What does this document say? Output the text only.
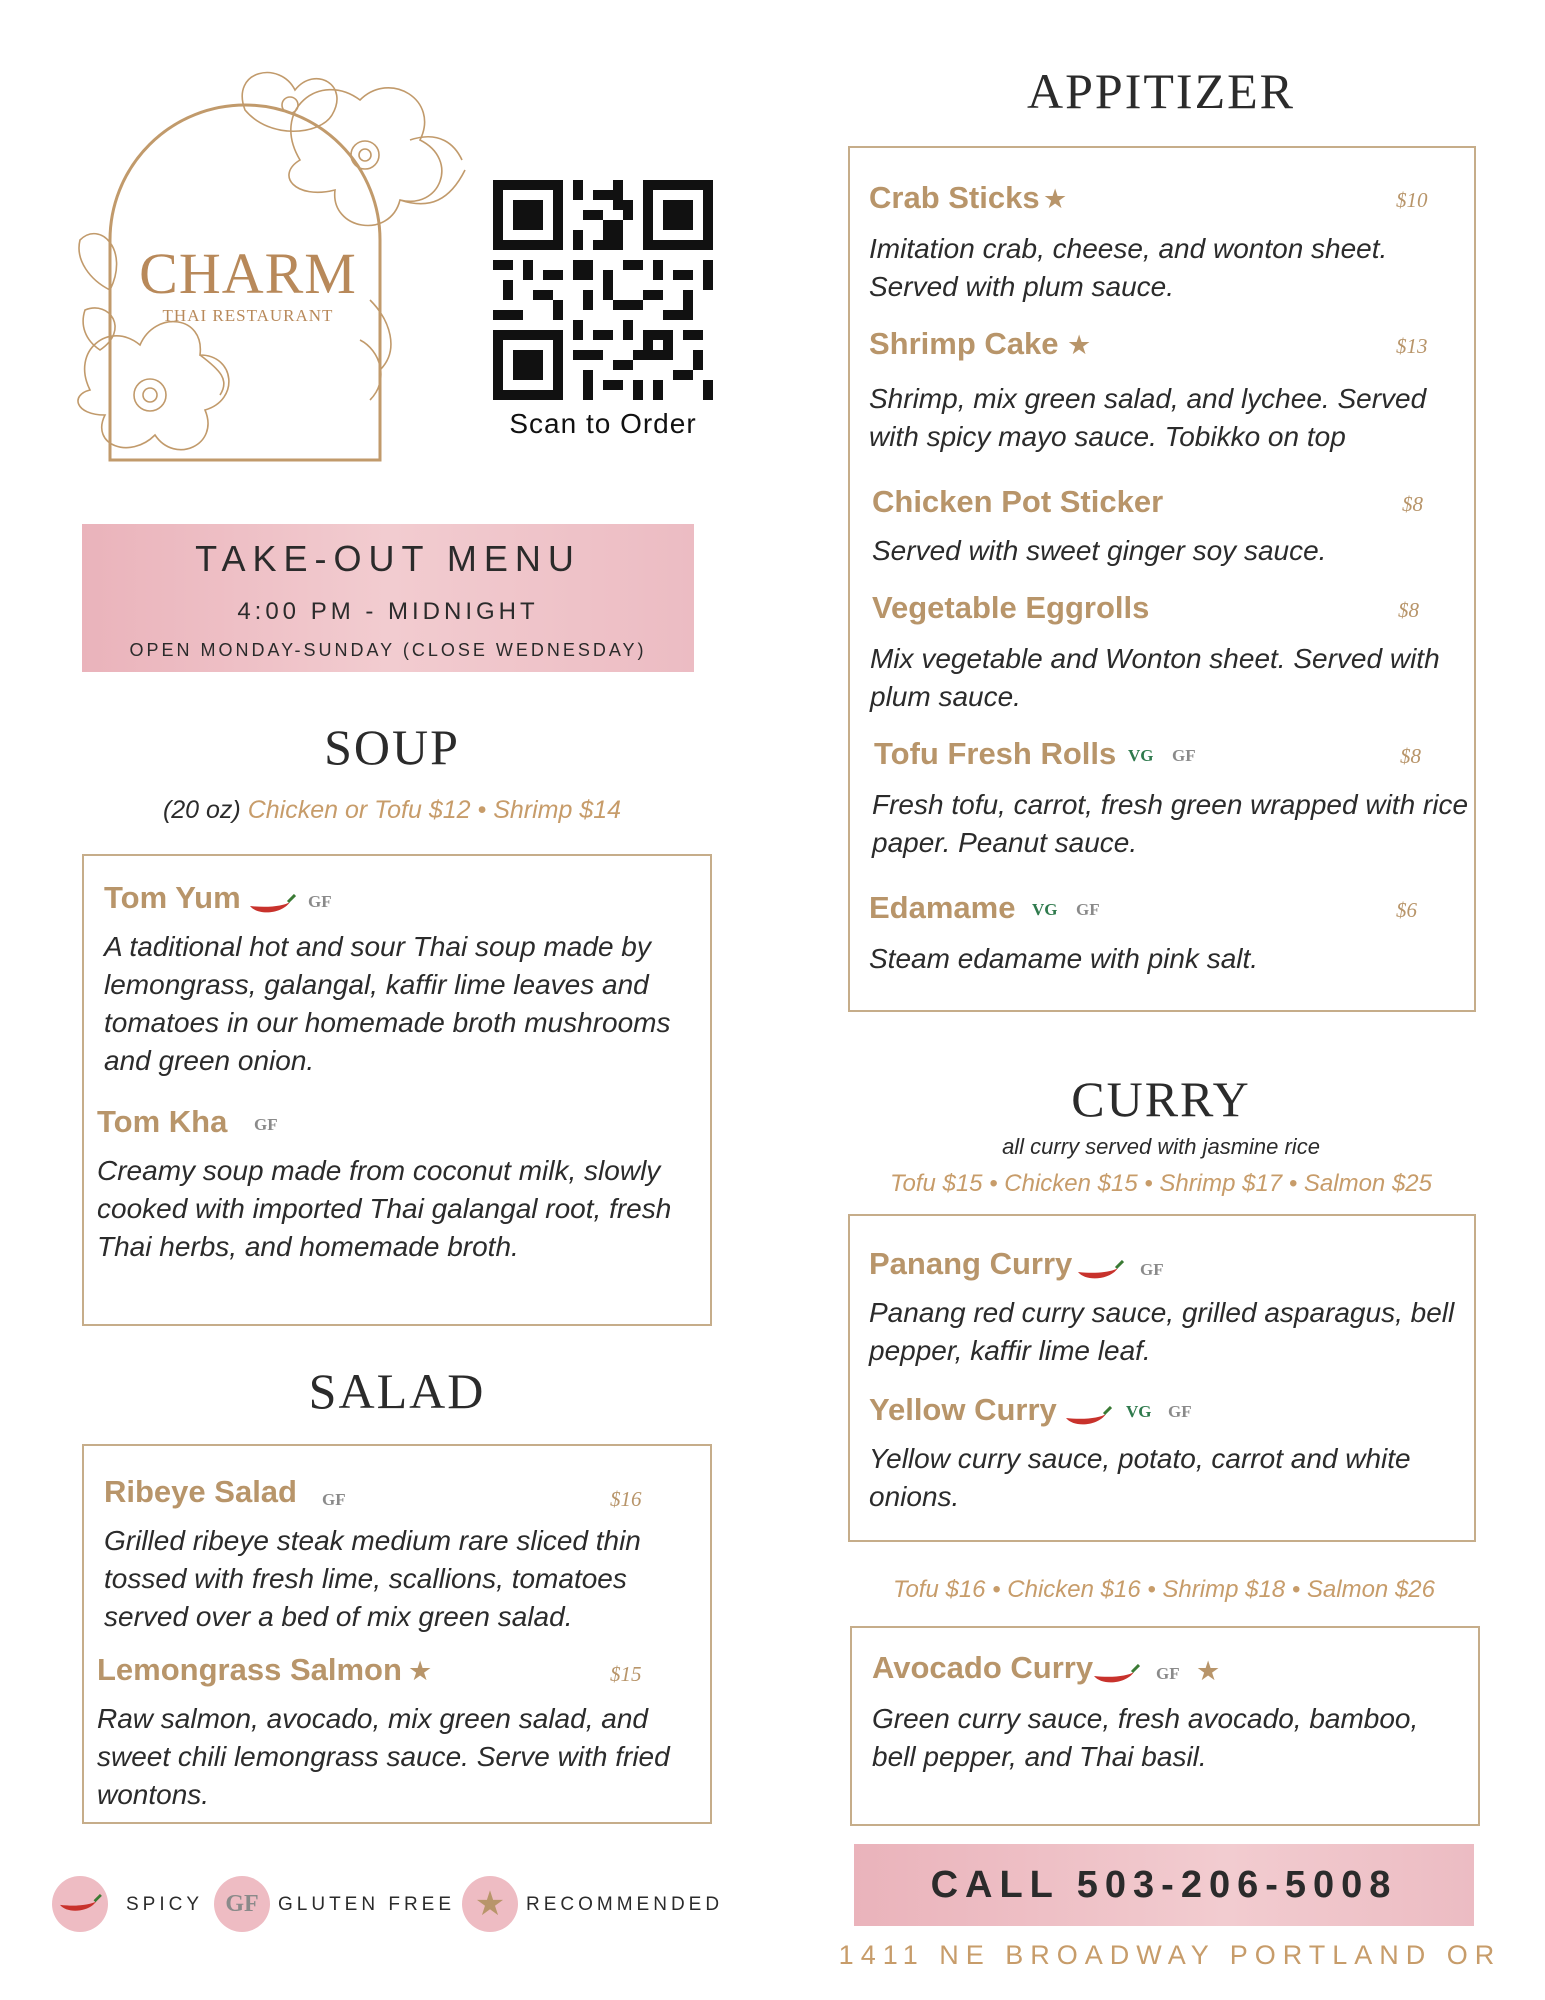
CHARM
THAI RESTAURANT
Scan to Order
TAKE-OUT MENU
4:00 PM - MIDNIGHT
OPEN MONDAY-SUNDAY (CLOSE WEDNESDAY)
SOUP
(20 oz) Chicken or Tofu $12 • Shrimp $14
Tom Yum	GF
A taditional hot and sour Thai soup made by lemongrass, galangal, kaffir lime leaves and tomatoes in our homemade broth mushrooms and green onion.
Tom Kha GF
Creamy soup made from coconut milk, slowly cooked with imported Thai galangal root, fresh Thai herbs, and homemade broth.
SALAD
Ribeye Salad GF	$16
Grilled ribeye steak medium rare sliced thin tossed with fresh lime, scallions, tomatoes served over a bed of mix green salad.
Lemongrass Salmon ★	$15
Raw salmon, avocado, mix green salad, and sweet chili lemongrass sauce. Serve with fried wontons.
SPICY GF	GLUTEN FREE ★	RECOMMENDED
APPITIZER
Crab Sticks ★	$10
Imitation crab, cheese, and wonton sheet. Served with plum sauce.
Shrimp Cake ★	$13
Shrimp, mix green salad, and lychee. Served with spicy mayo sauce. Tobikko on top
Chicken Pot Sticker	$8
Served with sweet ginger soy sauce.
Vegetable Eggrolls	$8
Mix vegetable and Wonton sheet. Served with plum sauce.
Tofu Fresh Rolls VG GF	$8
Fresh tofu, carrot, fresh green wrapped with rice paper. Peanut sauce.
Edamame VG GF	$6
Steam edamame with pink salt.
CURRY
all curry served with jasmine rice
Tofu $15 • Chicken $15 • Shrimp $17 • Salmon $25
Panang Curry	GF
Panang red curry sauce, grilled asparagus, bell pepper, kaffir lime leaf.
Yellow Curry	VG GF
Yellow curry sauce, potato, carrot and white onions.
Tofu $16 • Chicken $16 • Shrimp $18 • Salmon $26
Avocado Curry	GF ★
Green curry sauce, fresh avocado, bamboo, bell pepper, and Thai basil.
CALL 503-206-5008
1411 NE BROADWAY PORTLAND OR
